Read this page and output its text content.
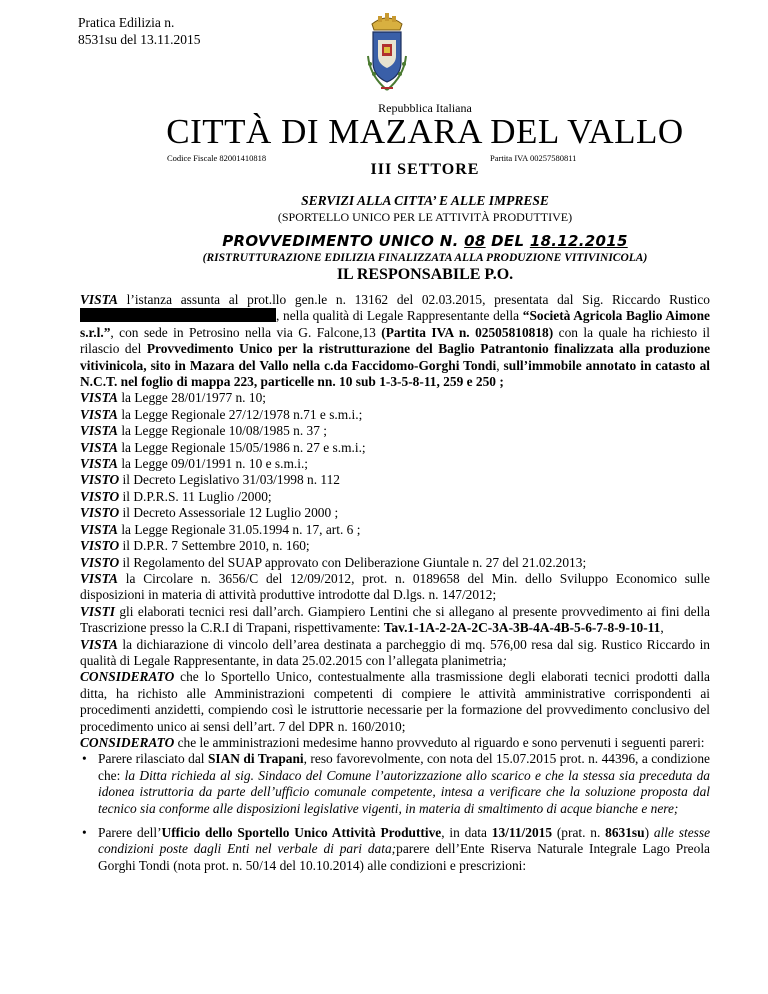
Pratica Edilizia n.
8531su del 13.11.2015
Repubblica Italiana
CITTÀ DI MAZARA DEL VALLO
Codice Fiscale 82001410818	Partita IVA 00257580811
III SETTORE
SERVIZI ALLA CITTA’ E ALLE IMPRESE
(SPORTELLO UNICO PER LE ATTIVITÀ PRODUTTIVE)
PROVVEDIMENTO UNICO N. 08 DEL 18.12.2015
(RISTRUTTURAZIONE EDILIZIA FINALIZZATA ALLA PRODUZIONE VITIVINICOLA)
IL RESPONSABILE P.O.

VISTA l’istanza assunta al prot.llo gen.le n. 13162 del 02.03.2015, presentata dal Sig. Riccardo Rustico , nella qualità di Legale Rappresentante della “Società Agricola Baglio Aimone s.r.l.”, con sede in Petrosino nella via G. Falcone,13 (Partita IVA n. 02505810818) con la quale ha richiesto il rilascio del Provvedimento Unico per la ristrutturazione del Baglio Patrantonio finalizzata alla produzione vitivinicola, sito in Mazara del Vallo nella c.da Faccidomo-Gorghi Tondi, sull’immobile annotato in catasto al N.C.T. nel foglio di mappa 223, particelle nn. 10 sub 1-3-5-8-11, 259 e 250 ;

VISTA la Legge 28/01/1977 n. 10;

VISTA la Legge Regionale 27/12/1978 n.71 e s.m.i.;

VISTA la Legge Regionale 10/08/1985 n. 37 ;

VISTA la Legge Regionale 15/05/1986 n. 27 e s.m.i.;

VISTA la Legge 09/01/1991 n. 10 e s.m.i.;

VISTO il Decreto Legislativo 31/03/1998 n. 112

VISTO il D.P.R.S. 11 Luglio /2000;

VISTO il Decreto Assessoriale 12 Luglio 2000 ;

VISTA la Legge Regionale 31.05.1994 n. 17, art. 6 ;

VISTO il D.P.R. 7 Settembre 2010, n. 160;

VISTO il Regolamento del SUAP approvato con Deliberazione Giuntale n. 27 del 21.02.2013;

VISTA la Circolare n. 3656/C del 12/09/2012, prot. n. 0189658 del Min. dello Sviluppo Economico sulle disposizioni in materia di attività produttive introdotte dal D.lgs. n. 147/2012;

VISTI gli elaborati tecnici resi dall’arch. Giampiero Lentini che si allegano al presente provvedimento ai fini della Trascrizione presso la C.R.I di Trapani, rispettivamente: Tav.1-1A-2-2A-2C-3A-3B-4A-4B-5-6-7-8-9-10-11,

VISTA la dichiarazione di vincolo dell’area destinata a parcheggio di mq. 576,00 resa dal sig. Rustico Riccardo in qualità di Legale Rappresentante, in data 25.02.2015 con l’allegata planimetria;

CONSIDERATO che lo Sportello Unico, contestualmente alla trasmissione degli elaborati tecnici prodotti dalla ditta, ha richisto alle Amministrazioni competenti di compiere le attività amministrative corrispondenti ai procedimenti anzidetti, compiendo così le istruttorie necessarie per la formazione del provvedimento conclusivo del procedimento unico ai sensi dell’art. 7 del DPR n. 160/2010;

CONSIDERATO che le amministrazioni medesime hanno provveduto al riguardo e sono pervenuti i seguenti pareri:

• Parere rilasciato dal SIAN di Trapani, reso favorevolmente, con nota del 15.07.2015 prot. n. 44396, a condizione che: la Ditta richieda al sig. Sindaco del Comune l’autorizzazione allo scarico e che la stessa sia preceduta da idonea istruttoria da parte dell’ufficio comunale competente, intesa a verificare che la soluzione proposta dal tecnico sia conforme alle disposizioni legislative vigenti, in materia di smaltimento di acque bianche e nere;
• Parere dell’Ufficio dello Sportello Unico Attività Produttive, in data 13/11/2015 (prat. n. 8631su) alle stesse condizioni poste dagli Enti nel verbale di pari data;parere dell’Ente Riserva Naturale Integrale Lago Preola Gorghi Tondi (nota prot. n. 50/14 del 10.10.2014) alle condizioni e prescrizioni:
